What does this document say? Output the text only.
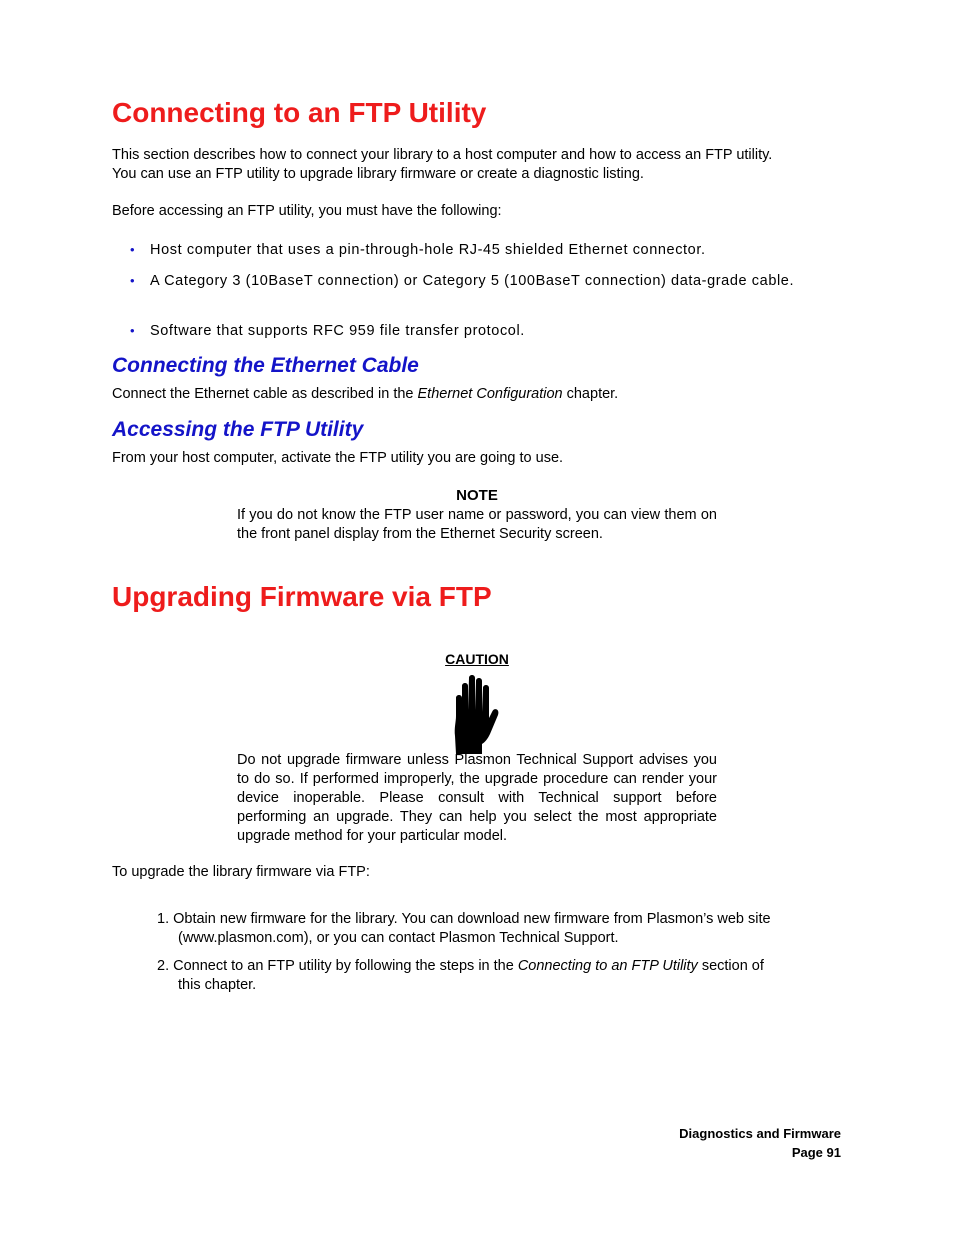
Connecting to an FTP Utility

This section describes how to connect your library to a host computer and how to access an FTP utility.

You can use an FTP utility to upgrade library firmware or create a diagnostic listing.

Before accessing an FTP utility, you must have the following:

•	Host computer that uses a pin-through-hole RJ-45 shielded Ethernet connector.
•	A Category 3 (10BaseT connection) or Category 5 (100BaseT connection) data-grade cable.
•	Software that supports RFC 959 file transfer protocol.
Connecting the Ethernet Cable

Connect the Ethernet cable as described in the Ethernet Configuration chapter.

Accessing the FTP Utility

From your host computer, activate the FTP utility you are going to use.

NOTE

If you do not know the FTP user name or password, you can view them on the front panel display from the Ethernet Security screen.

Upgrading Firmware via FTP
CAUTION

Do not upgrade firmware unless Plasmon Technical Support advises you to do so. If performed improperly, the upgrade procedure can render your device inoperable. Please consult with Technical support before performing an upgrade. They can help you select the most appropriate upgrade method for your particular model.

To upgrade the library firmware via FTP:

1. Obtain new firmware for the library. You can download new firmware from Plasmon’s web site
(www.plasmon.com), or you can contact Plasmon Technical Support.
2. Connect to an FTP utility by following the steps in the Connecting to an FTP Utility section of
this chapter.
Diagnostics and Firmware
Page 91
